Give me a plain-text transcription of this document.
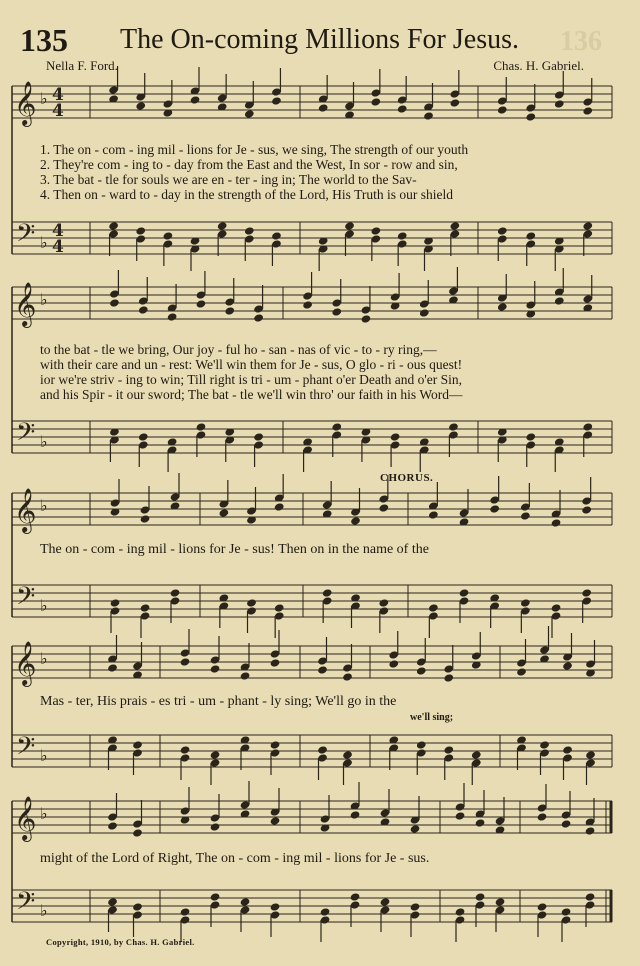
136
135 The On-coming Millions For Jesus.
Nella F. Ford.	Chas. H. Gabriel.
𝄞
𝄢
♭
♭
4
4
4
4
𝄞
𝄢
♭
♭
𝄞
𝄢
♭
♭
𝄞
𝄢
♭
♭
𝄞
𝄢
♭
♭
1. The on - com - ing mil - lions for Je - sus, we sing, The strength of our youth
2. They're com - ing to - day from the East and the West, In sor - row and sin,
3. The bat - tle for souls we are en - ter - ing in; The world to the Sav-
4. Then on - ward to - day in the strength of the Lord, His Truth is our shield
to the bat - tle we bring, Our joy - ful ho - san - nas of vic - to - ry ring,—
with their care and un - rest: We'll win them for Je - sus, O glo - ri - ous quest!
ior we're striv - ing to win; Till right is tri - um - phant o'er Death and o'er Sin,
and his Spir - it our sword; The bat - tle we'll win thro' our faith in his Word—
CHORUS.
The on - com - ing mil - lions for Je - sus! Then on in the name of the
Mas - ter, His prais - es tri - um - phant - ly sing; We'll go in the
we'll sing;
might of the Lord of Right, The on - com - ing mil - lions for Je - sus.
Copyright, 1910, by Chas. H. Gabriel.
